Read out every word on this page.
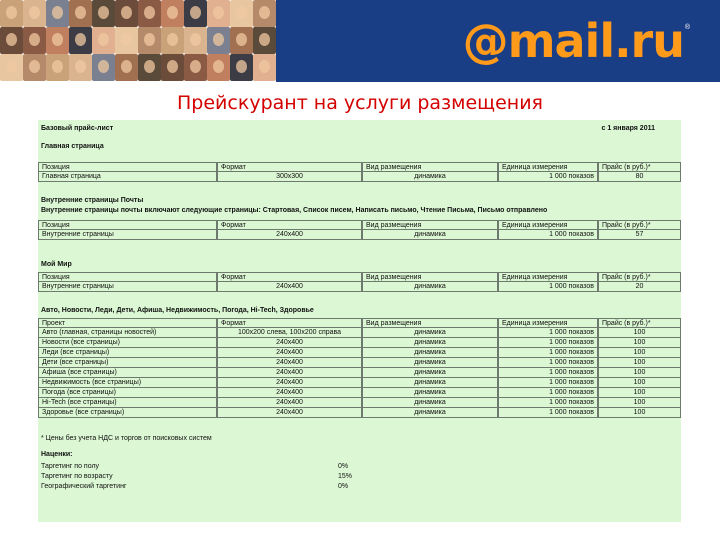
@mail.ru ®
Прейскурант на услуги размещения
Базовый прайс-лист	с 1 января 2011
Главная страница
Позиция	Формат	Вид размещения	Единица измерения	Прайс (в руб.)*
Главная страница	300х300	динамика	1 000 показов	80
Внутренние страницы Почты
Внутренние страницы почты включают следующие страницы: Стартовая, Список писем, Написать письмо, Чтение Письма, Письмо отправлено
Позиция	Формат	Вид размещения	Единица измерения	Прайс (в руб.)*
Внутренние страницы	240х400	динамика	1 000 показов	57
Мой Мир
Позиция	Формат	Вид размещения	Единица измерения	Прайс (в руб.)*
Внутренние страницы	240х400	динамика	1 000 показов	20
Авто, Новости, Леди, Дети, Афиша, Недвижимость, Погода, Hi-Tech, Здоровье
Проект	Формат	Вид размещения	Единица измерения	Прайс (в руб.)*
Авто (главная, страницы новостей)	100х200 слева, 100х200 справа	динамика	1 000 показов	100
Новости (все страницы)	240х400	динамика	1 000 показов	100
Леди (все страницы)	240х400	динамика	1 000 показов	100
Дети (все страницы)	240х400	динамика	1 000 показов	100
Афиша (все страницы)	240х400	динамика	1 000 показов	100
Недвижимость (все страницы)	240х400	динамика	1 000 показов	100
Погода (все страницы)	240х400	динамика	1 000 показов	100
Hi-Tech (все страницы)	240х400	динамика	1 000 показов	100
Здоровье (все страницы)	240х400	динамика	1 000 показов	100
* Цены без учета НДС и торгов от поисковых систем
Наценки:
Таргетинг по полу	0%
Таргетинг по возрасту	15%
Географический таргетинг	0%
